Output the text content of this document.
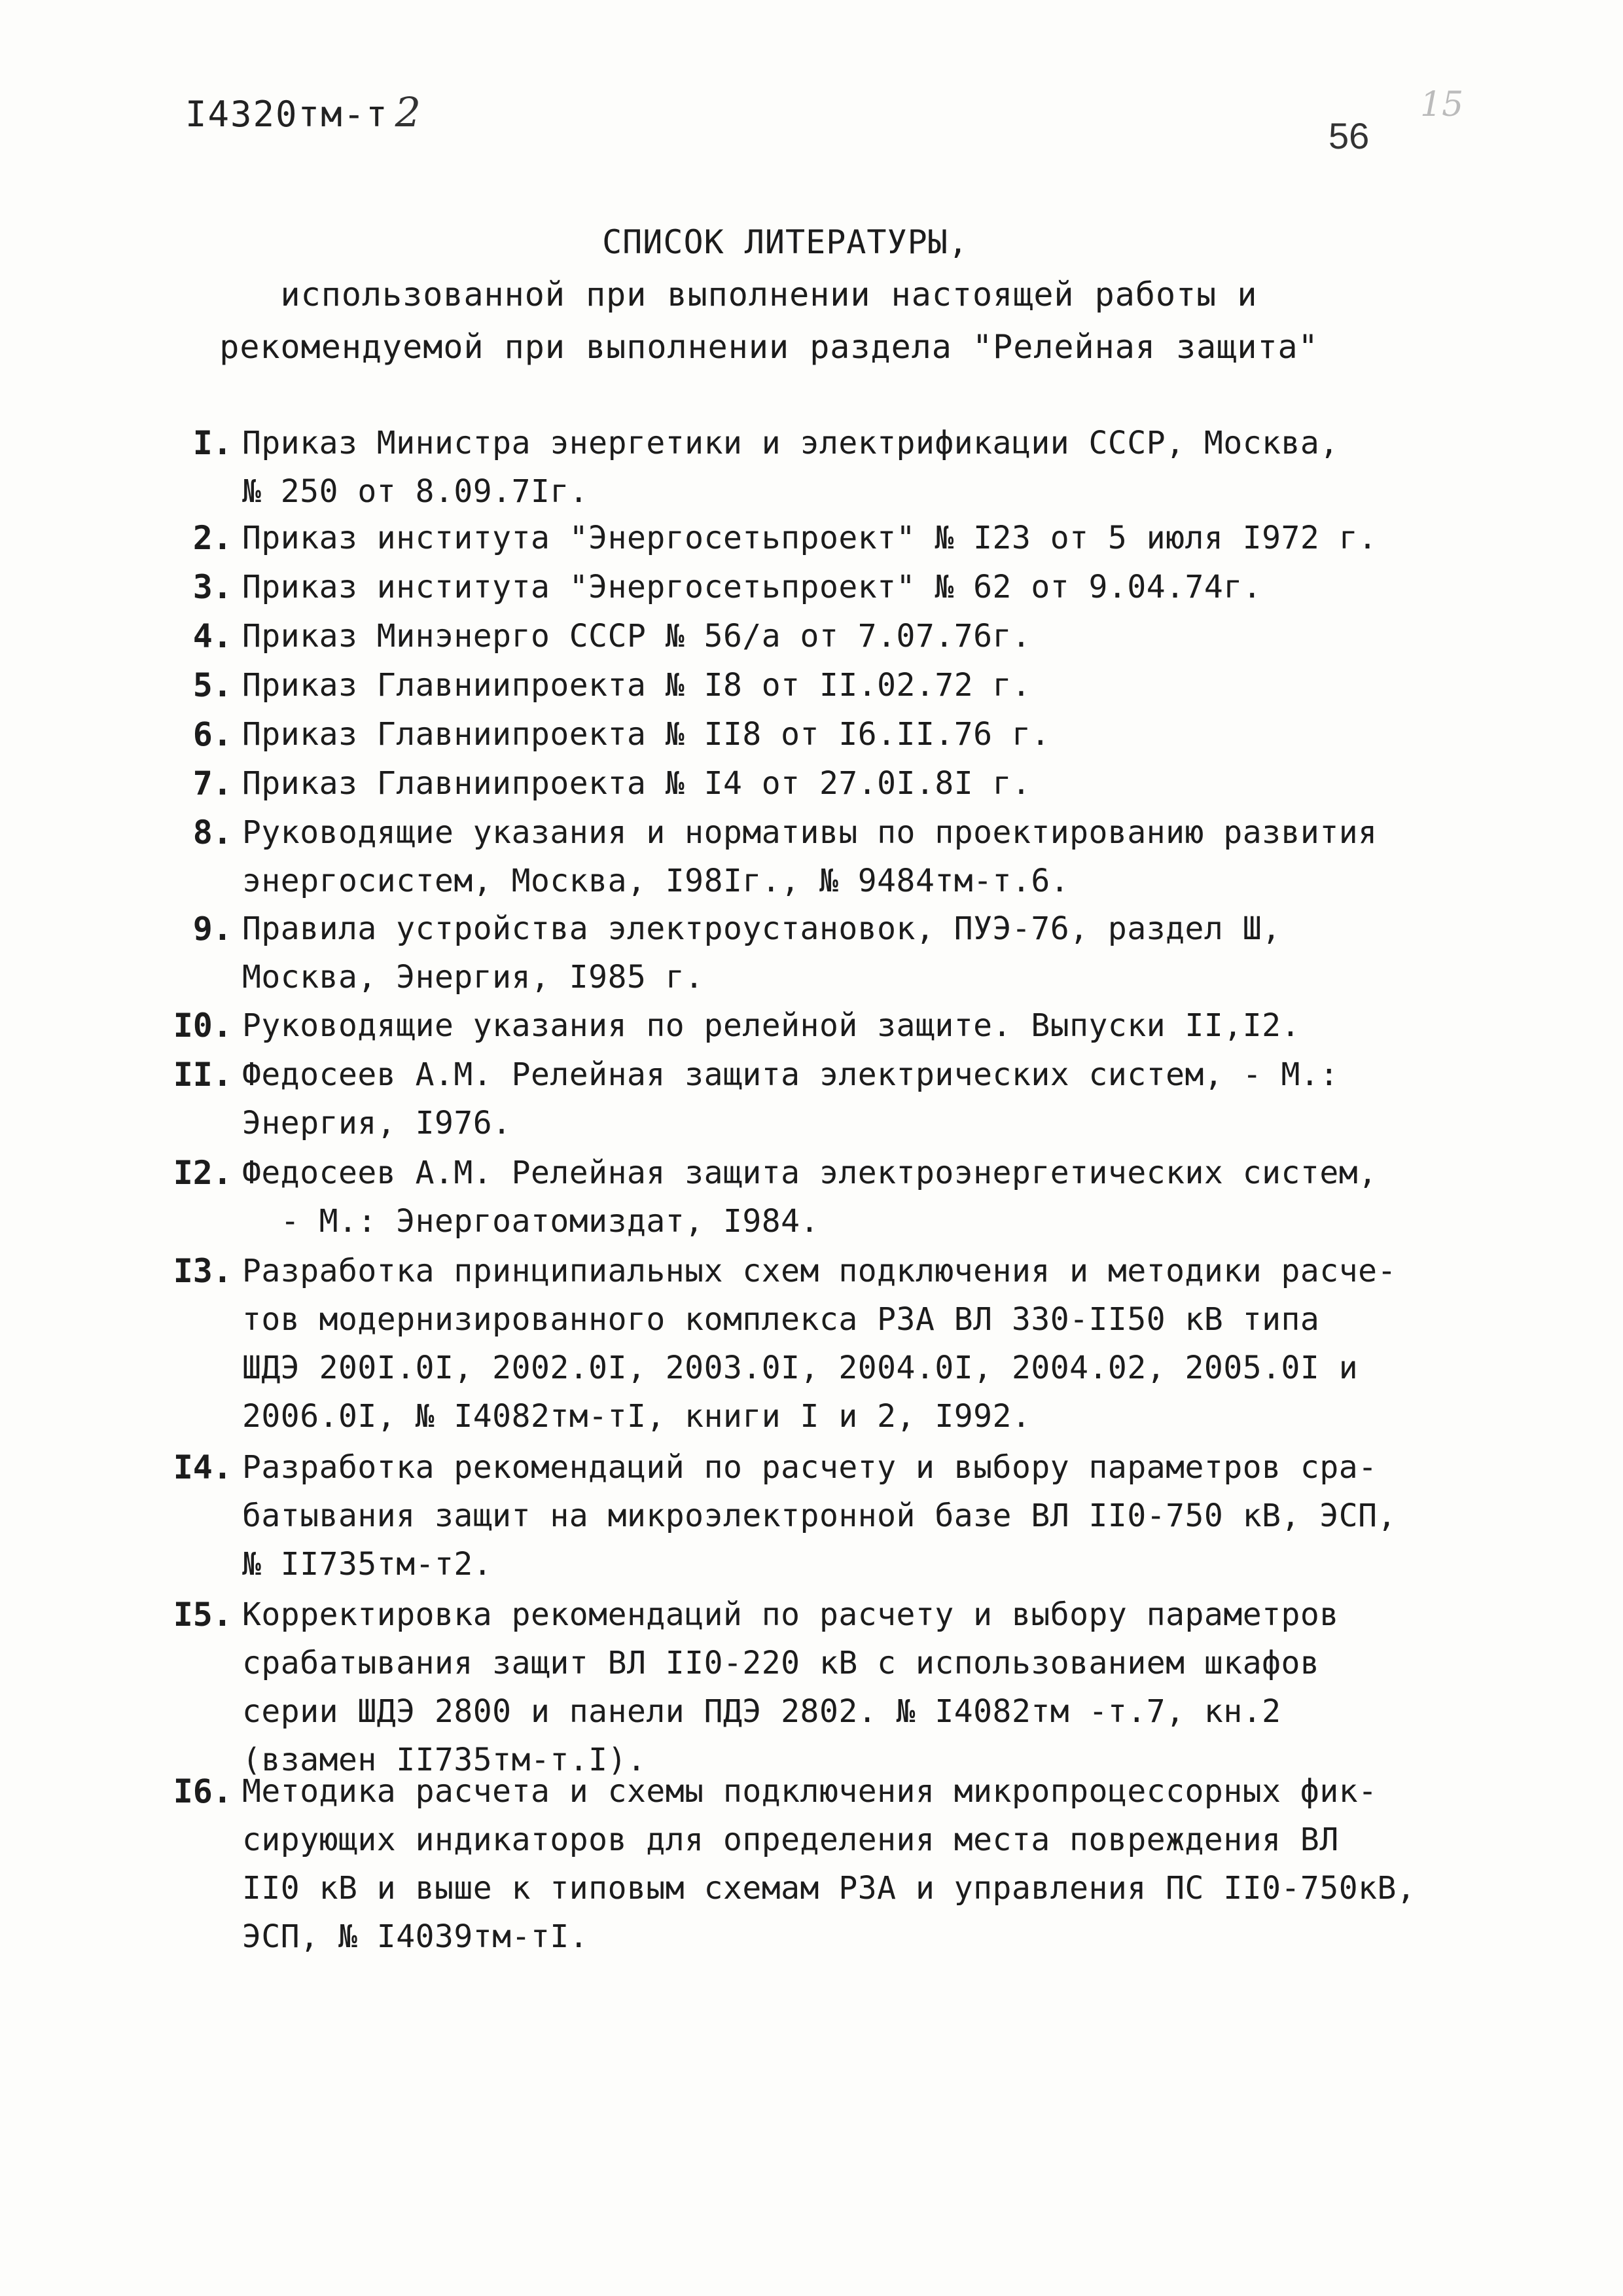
I4320тм-т 2	56
15
СПИСОК ЛИТЕРАТУРЫ,
использованной при выполнении настоящей работы и
рекомендуемой при выполнении раздела "Релейная защита"
I. Приказ Министра энергетики и электрификации СССР, Москва,
№ 250 от 8.09.7Iг.
2. Приказ института "Энергосетьпроект" № I23 от 5 июля I972 г.
3. Приказ института "Энергосетьпроект" № 62 от 9.04.74г.
4. Приказ Минэнерго СССР № 56/а от 7.07.76г.
5. Приказ Главниипроекта № I8 от II.02.72 г.
6. Приказ Главниипроекта № II8 от I6.II.76 г.
7. Приказ Главниипроекта № I4 от 27.0I.8I г.
8. Руководящие указания и нормативы по проектированию развития
энергосистем, Москва, I98Iг., № 9484тм-т.6.
9. Правила устройства электроустановок, ПУЭ-76, раздел Ш,
Москва, Энергия, I985 г.
I0. Руководящие указания по релейной защите. Выпуски II,I2.
II. Федосеев А.М. Релейная защита электрических систем, - М.:
Энергия, I976.
I2. Федосеев А.М. Релейная защита электроэнергетических систем,
- М.: Энергоатомиздат, I984.
I3. Разработка принципиальных схем подключения и методики расче-
тов модернизированного комплекса РЗА ВЛ 330-II50 кВ типа
ШДЭ 200I.0I, 2002.0I, 2003.0I, 2004.0I, 2004.02, 2005.0I и
2006.0I, № I4082тм-тI, книги I и 2, I992.
I4. Разработка рекомендаций по расчету и выбору параметров сра-
батывания защит на микроэлектронной базе ВЛ II0-750 кВ, ЭСП,
№ II735тм-т2.
I5. Корректировка рекомендаций по расчету и выбору параметров
срабатывания защит ВЛ II0-220 кВ с использованием шкафов
серии ШДЭ 2800 и панели ПДЭ 2802. № I4082тм -т.7, кн.2
(взамен II735тм-т.I).
I6. Методика расчета и схемы подключения микропроцессорных фик-
сирующих индикаторов для определения места повреждения ВЛ
II0 кВ и выше к типовым схемам РЗА и управления ПС II0-750кВ,
ЭСП, № I4039тм-тI.
